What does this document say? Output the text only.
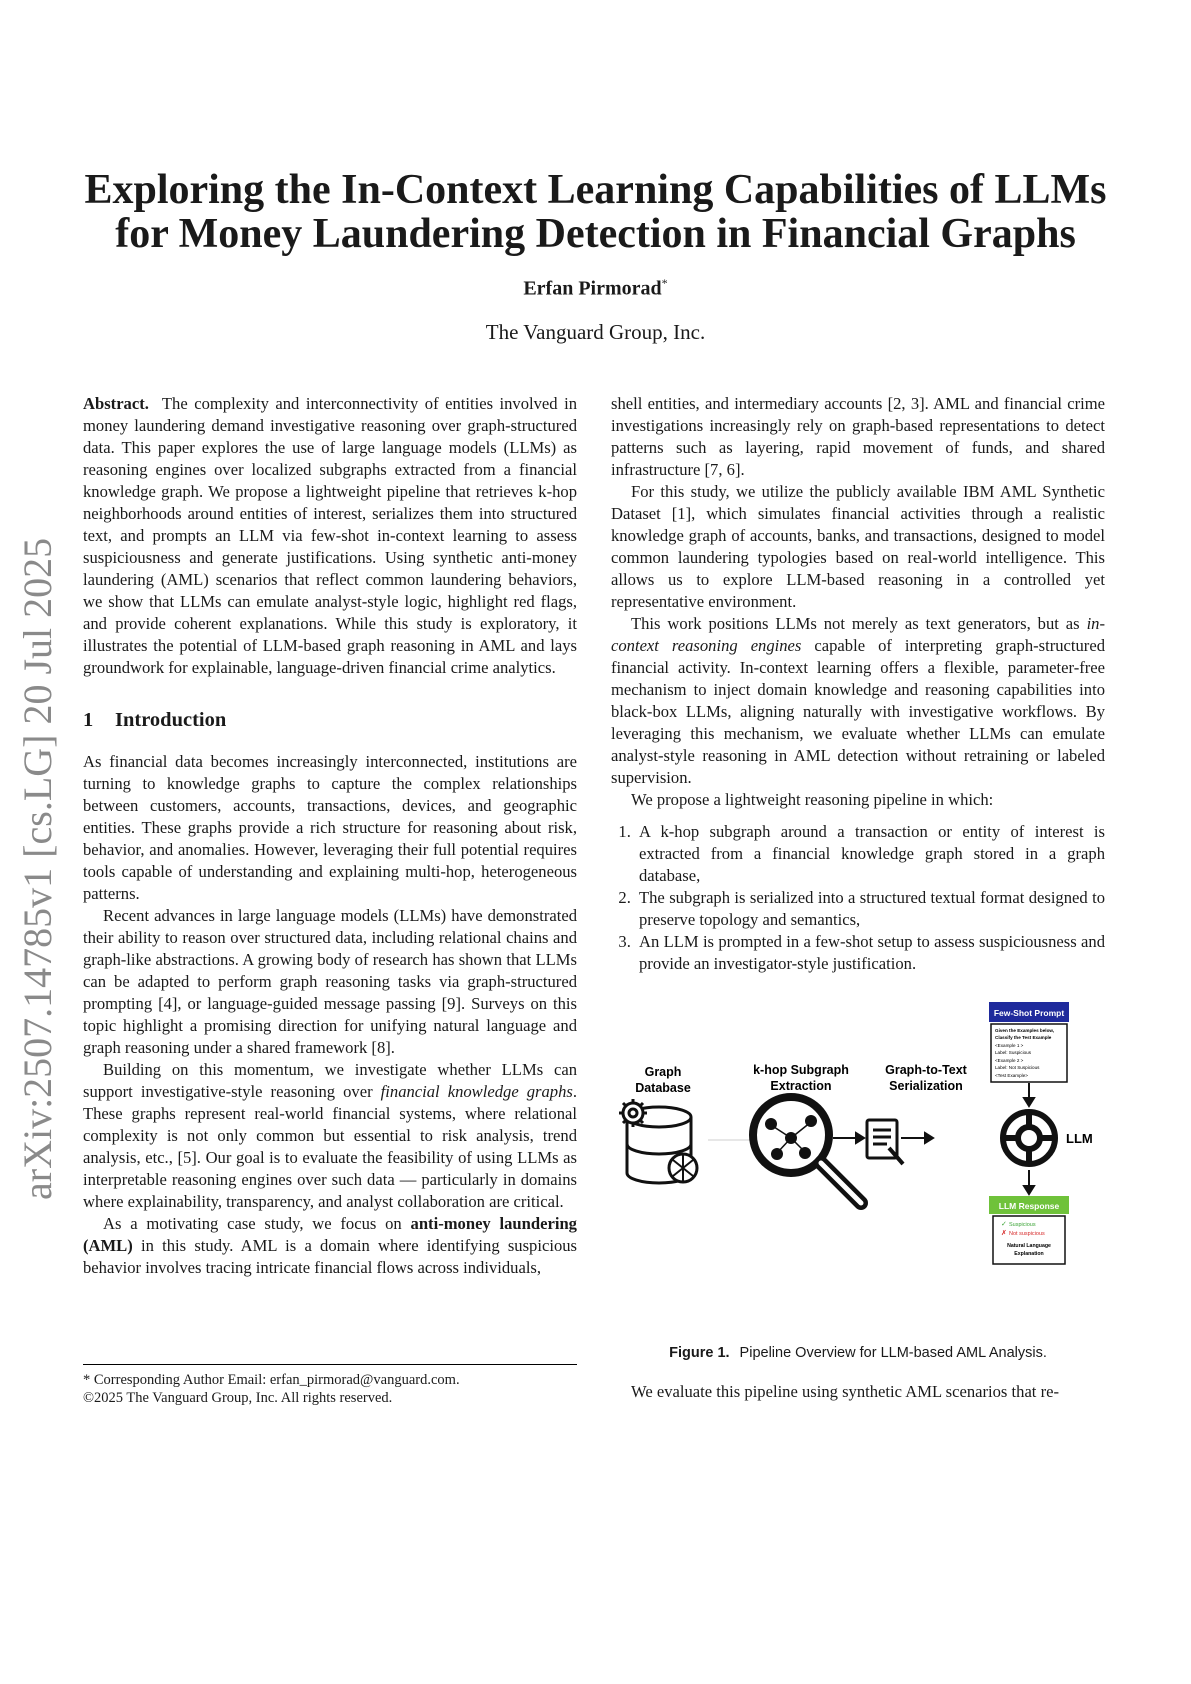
arXiv:2507.14785v1 [cs.LG] 20 Jul 2025
Exploring the In-Context Learning Capabilities of LLMs
for Money Laundering Detection in Financial Graphs
Erfan Pirmorad*
The Vanguard Group, Inc.

Abstract. The complexity and interconnectivity of entities involved in money laundering demand investigative reasoning over graph-structured data. This paper explores the use of large language models (LLMs) as reasoning engines over localized subgraphs extracted from a financial knowledge graph. We propose a lightweight pipeline that retrieves k-hop neighborhoods around entities of interest, serializes them into structured text, and prompts an LLM via few-shot in-context learning to assess suspiciousness and generate justifications. Using synthetic anti-money laundering (AML) scenarios that reflect common laundering behaviors, we show that LLMs can emulate analyst-style logic, highlight red flags, and provide coherent explanations. While this study is exploratory, it illustrates the potential of LLM-based graph reasoning in AML and lays groundwork for explainable, language-driven financial crime analytics.

1 Introduction

As financial data becomes increasingly interconnected, institutions are turning to knowledge graphs to capture the complex relationships between customers, accounts, transactions, devices, and geographic entities. These graphs provide a rich structure for reasoning about risk, behavior, and anomalies. However, leveraging their full potential requires tools capable of understanding and explaining multi-hop, heterogeneous patterns.

Recent advances in large language models (LLMs) have demonstrated their ability to reason over structured data, including relational chains and graph-like abstractions. A growing body of research has shown that LLMs can be adapted to perform graph reasoning tasks via graph-structured prompting [4], or language-guided message passing [9]. Surveys on this topic highlight a promising direction for unifying natural language and graph reasoning under a shared framework [8].

Building on this momentum, we investigate whether LLMs can support investigative-style reasoning over financial knowledge graphs. These graphs represent real-world financial systems, where relational complexity is not only common but essential to risk analysis, trend analysis, etc., [5]. Our goal is to evaluate the feasibility of using LLMs as interpretable reasoning engines over such data — particularly in domains where explainability, transparency, and analyst collaboration are critical.

As a motivating case study, we focus on anti-money laundering (AML) in this study. AML is a domain where identifying suspicious behavior involves tracing intricate financial flows across individuals,

* Corresponding Author Email: erfan_pirmorad@vanguard.com.
©2025 The Vanguard Group, Inc. All rights reserved.

shell entities, and intermediary accounts [2, 3]. AML and financial crime investigations increasingly rely on graph-based representations to detect patterns such as layering, rapid movement of funds, and shared infrastructure [7, 6].

For this study, we utilize the publicly available IBM AML Synthetic Dataset [1], which simulates financial activities through a realistic knowledge graph of accounts, banks, and transactions, designed to model common laundering typologies based on real-world intelligence. This allows us to explore LLM-based reasoning in a controlled yet representative environment.

This work positions LLMs not merely as text generators, but as in-context reasoning engines capable of interpreting graph-structured financial activity. In-context learning offers a flexible, parameter-free mechanism to inject domain knowledge and reasoning capabilities into black-box LLMs, aligning naturally with investigative workflows. By leveraging this mechanism, we evaluate whether LLMs can emulate analyst-style reasoning in AML detection without retraining or labeled supervision.

We propose a lightweight reasoning pipeline in which:

1. A k-hop subgraph around a transaction or entity of interest is extracted from a financial knowledge graph stored in a graph database,
2. The subgraph is serialized into a structured textual format designed to preserve topology and semantics,
3. An LLM is prompted in a few-shot setup to assess suspiciousness and provide an investigator-style justification.
Graph
Database
k-hop Subgraph
Extraction
Graph-to-Text
Serialization
Few-Shot Prompt
Given the Examples below,
Classify the Test Example
<Example 1 >
Label: Suspicious
<Example 2 >
Label: Not Suspicious
<Test Example>
LLM
LLM Response
✓ Suspicious
✗ Not suspicious
Natural Language
Explanation
Figure 1. Pipeline Overview for LLM-based AML Analysis.
We evaluate this pipeline using synthetic AML scenarios that re-
